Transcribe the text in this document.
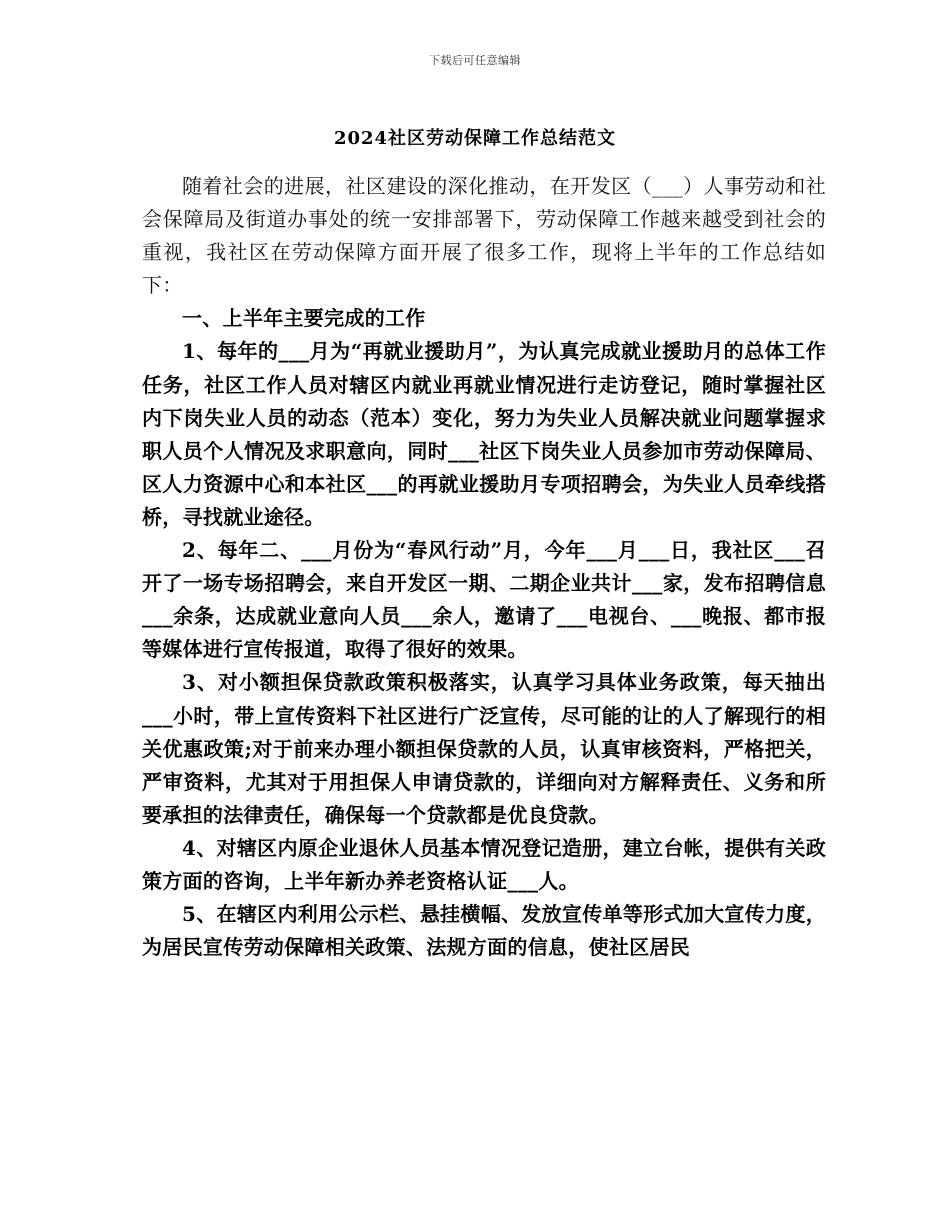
下载后可任意编辑
2024社区劳动保障工作总结范文

随着社会的进展，社区建设的深化推动，在开发区（___）人事劳动和社会保障局及街道办事处的统一安排部署下，劳动保障工作越来越受到社会的重视，我社区在劳动保障方面开展了很多工作，现将上半年的工作总结如下：

一、上半年主要完成的工作

1、每年的___月为“再就业援助月”，为认真完成就业援助月的总体工作任务，社区工作人员对辖区内就业再就业情况进行走访登记，随时掌握社区内下岗失业人员的动态（范本）变化，努力为失业人员解决就业问题掌握求职人员个人情况及求职意向，同时___社区下岗失业人员参加市劳动保障局、区人力资源中心和本社区___的再就业援助月专项招聘会，为失业人员牵线搭桥，寻找就业途径。

2、每年二、___月份为“春风行动”月，今年___月___日，我社区___召开了一场专场招聘会，来自开发区一期、二期企业共计___家，发布招聘信息___余条，达成就业意向人员___余人，邀请了___电视台、___晚报、都市报等媒体进行宣传报道，取得了很好的效果。

3、对小额担保贷款政策积极落实，认真学习具体业务政策，每天抽出___小时，带上宣传资料下社区进行广泛宣传，尽可能的让的人了解现行的相关优惠政策;对于前来办理小额担保贷款的人员，认真审核资料，严格把关，严审资料，尤其对于用担保人申请贷款的，详细向对方解释责任、义务和所要承担的法律责任，确保每一个贷款都是优良贷款。

4、对辖区内原企业退休人员基本情况登记造册，建立台帐，提供有关政策方面的咨询，上半年新办养老资格认证___人。

5、在辖区内利用公示栏、悬挂横幅、发放宣传单等形式加大宣传力度，为居民宣传劳动保障相关政策、法规方面的信息，使社区居民
